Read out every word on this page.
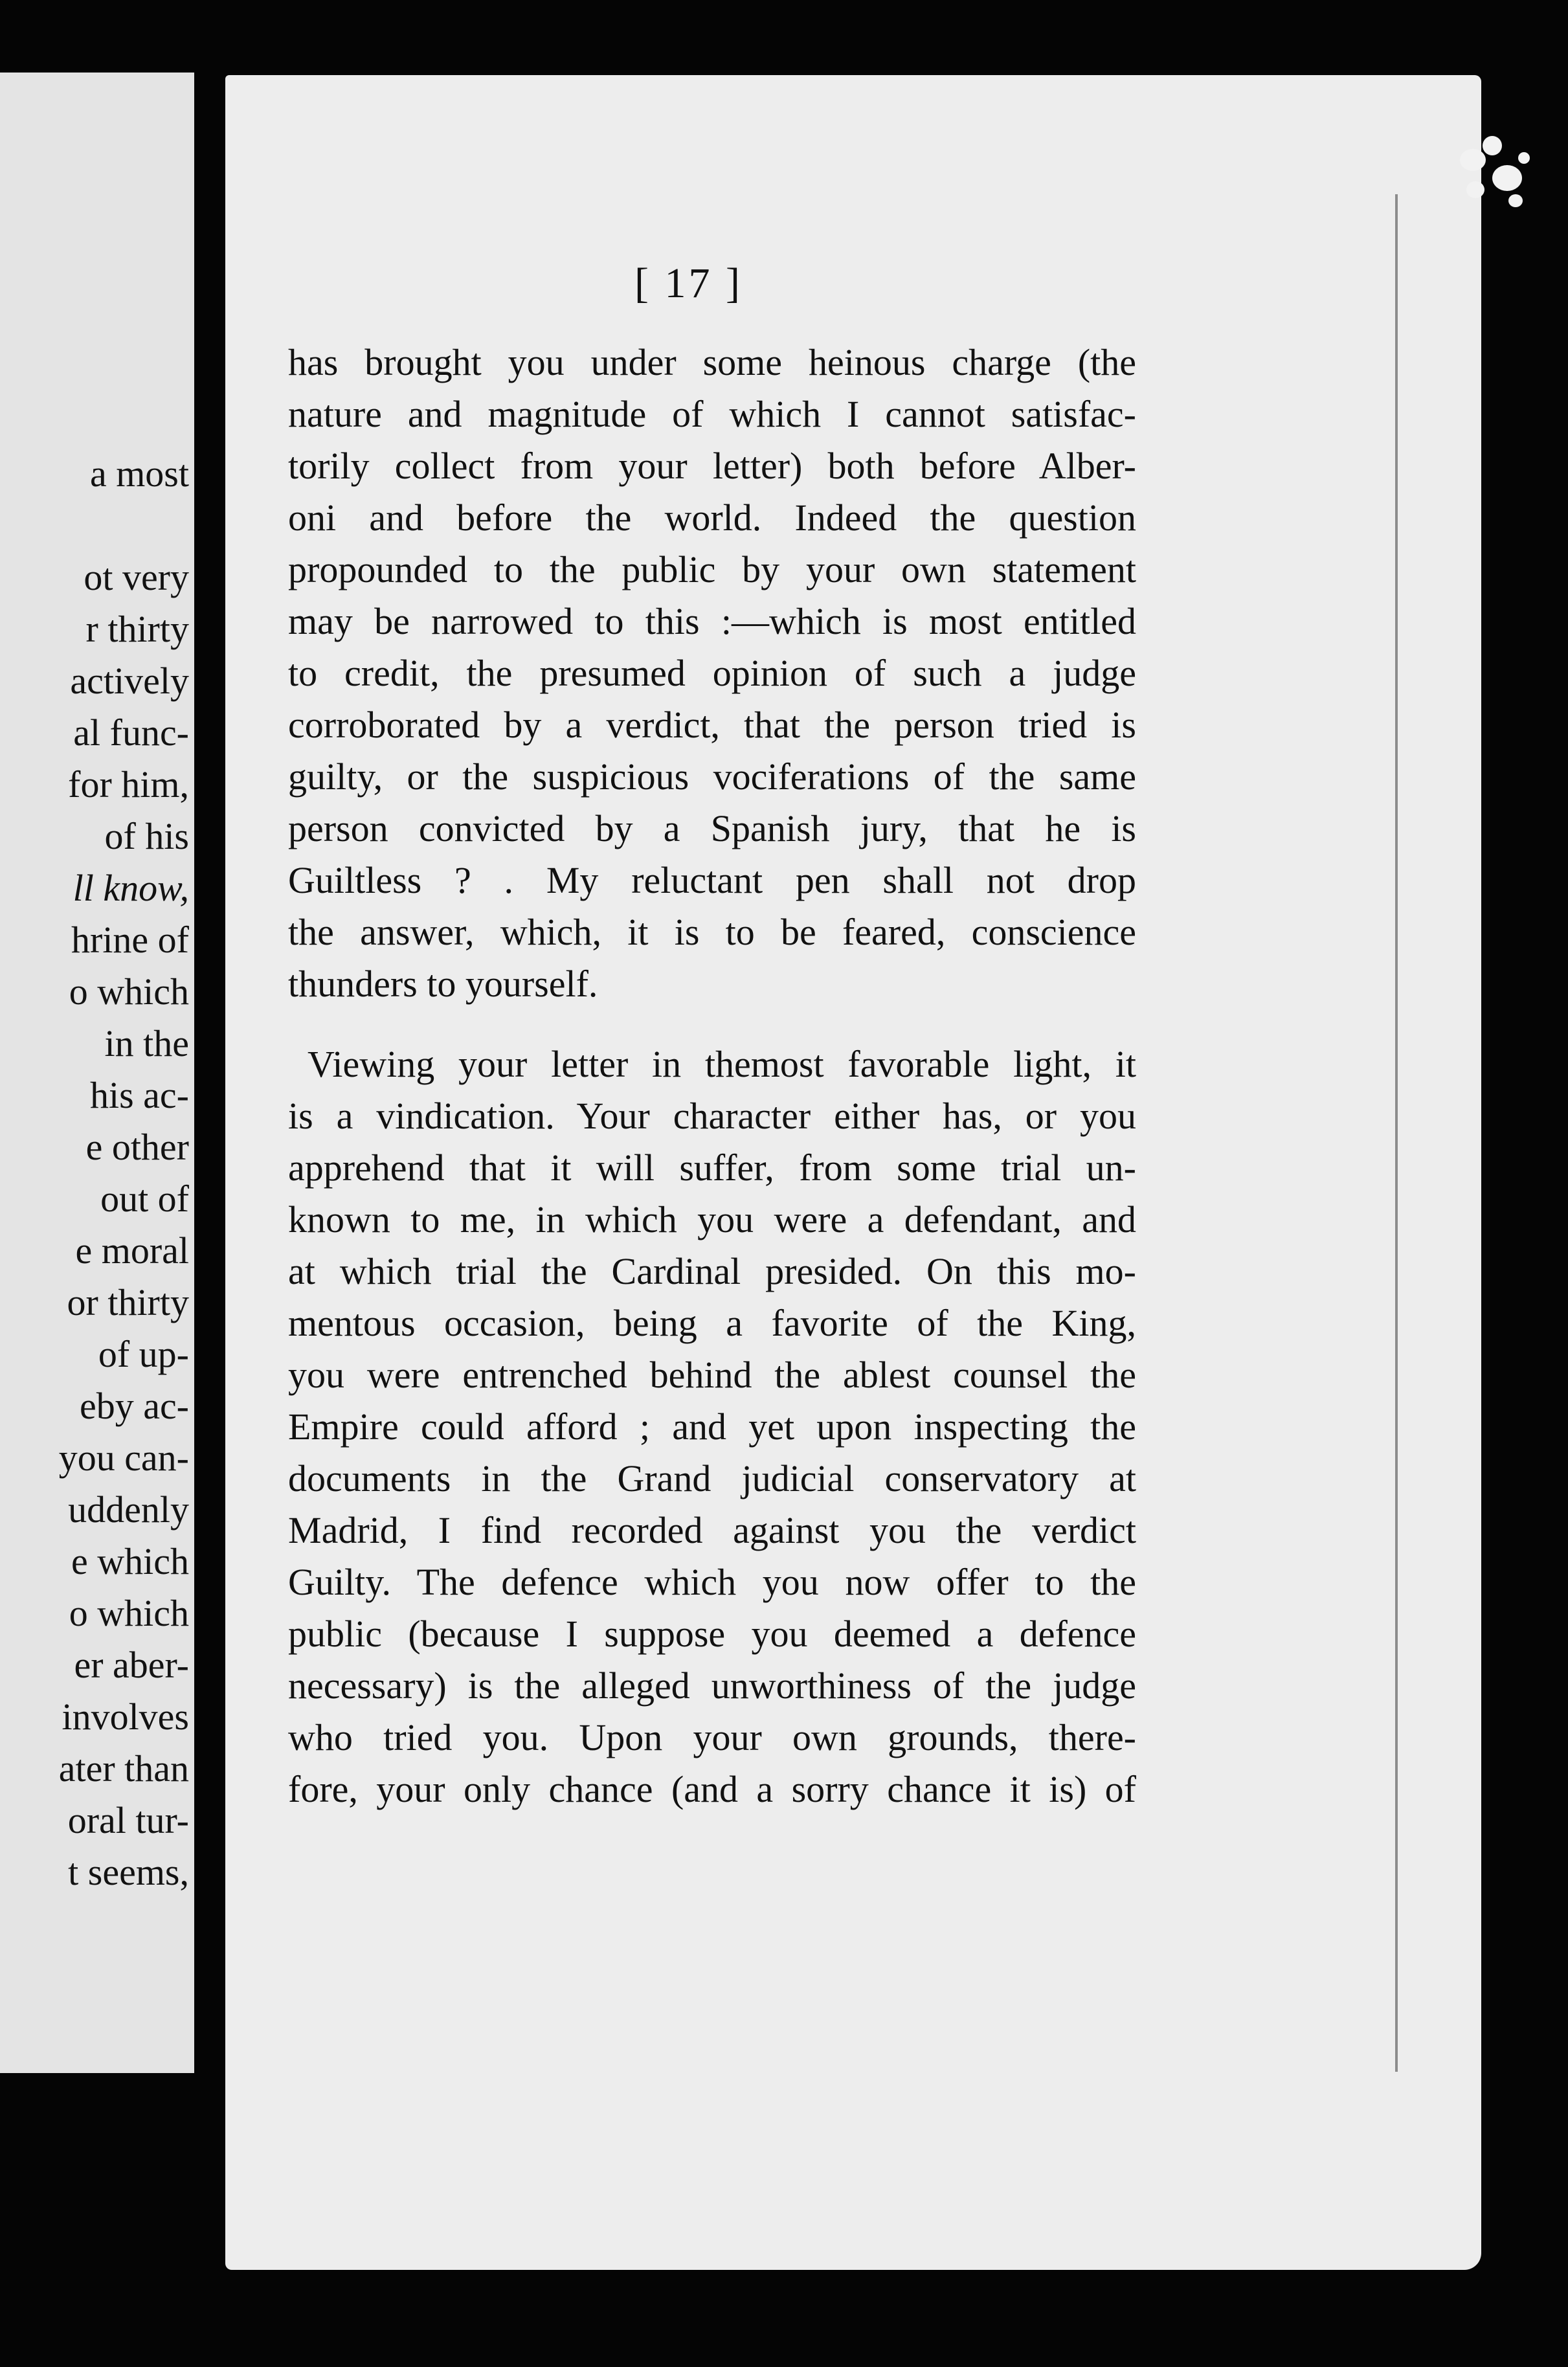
a most
ot very
r thirty
actively
al func-
for him,
of his
ll know,
hrine of
o which
in the
his ac-
e other
out of
e moral
or thirty
of up-
eby ac-
you can-
uddenly
e which
o which
er aber-
involves
ater than
oral tur-
t seems,
[ 17 ]
has brought you under some heinous charge (the
nature and magnitude of which I cannot satisfac-
torily collect from your letter) both before Alber-
oni and before the world. Indeed the question
propounded to the public by your own statement
may be narrowed to this :—which is most entitled
to credit, the presumed opinion of such a judge
corroborated by a verdict, that the person tried is
guilty, or the suspicious vociferations of the same
person convicted by a Spanish jury, that he is
Guiltless ? . My reluctant pen shall not drop
the answer, which, it is to be feared, conscience
thunders to yourself.
Viewing your letter in themost favorable light, it
is a vindication. Your character either has, or you
apprehend that it will suffer, from some trial un-
known to me, in which you were a defendant, and
at which trial the Cardinal presided. On this mo-
mentous occasion, being a favorite of the King,
you were entrenched behind the ablest counsel the
Empire could afford ; and yet upon inspecting the
documents in the Grand judicial conservatory at
Madrid, I find recorded against you the verdict
Guilty. The defence which you now offer to the
public (because I suppose you deemed a defence
necessary) is the alleged unworthiness of the judge
who tried you. Upon your own grounds, there-
fore, your only chance (and a sorry chance it is) of
